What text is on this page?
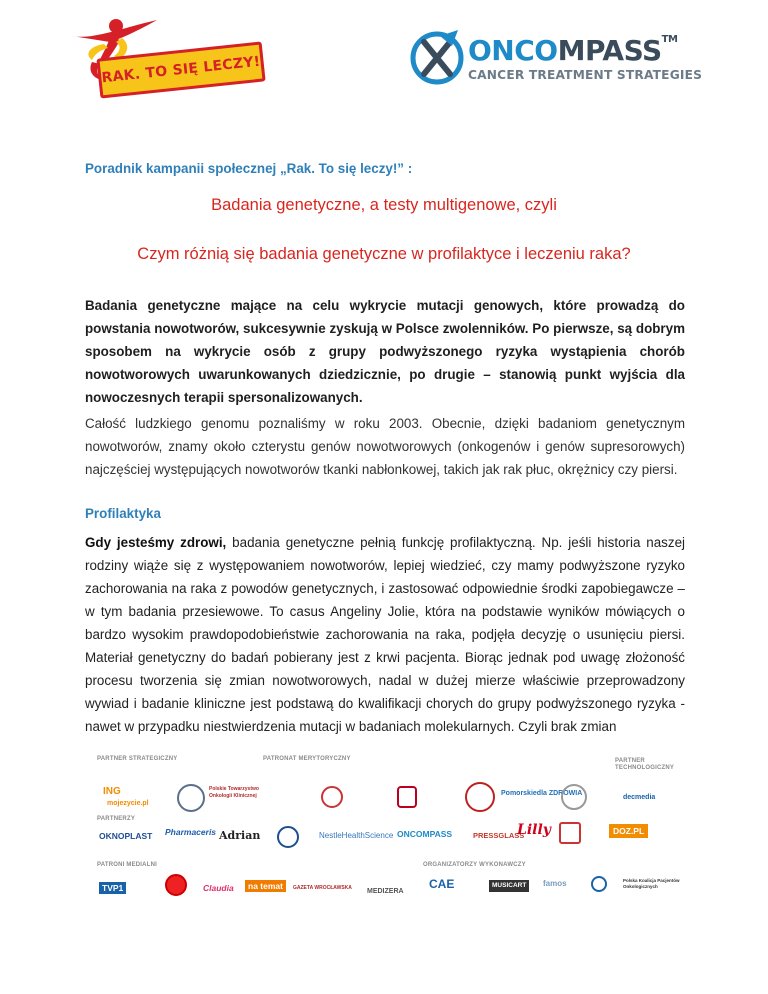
RAK. TO SIĘ LECZY!
ONCOMPASS™
CANCER TREATMENT STRATEGIES
Poradnik kampanii społecznej „Rak. To się leczy!” :
Badania genetyczne, a testy multigenowe, czyli
Czym różnią się badania genetyczne w profilaktyce i leczeniu raka?
Badania genetyczne mające na celu wykrycie mutacji genowych, które prowadzą do powstania nowotworów, sukcesywnie zyskują w Polsce zwolenników. Po pierwsze, są dobrym sposobem na wykrycie osób z grupy podwyższonego ryzyka wystąpienia chorób nowotworowych uwarunkowanych dziedzicznie, po drugie – stanowią punkt wyjścia dla nowoczesnych terapii spersonalizowanych.
Całość ludzkiego genomu poznaliśmy w roku 2003. Obecnie, dzięki badaniom genetycznym nowotworów, znamy około czterystu genów nowotworowych (onkogenów i genów supresorowych) najczęściej występujących nowotworów tkanki nabłonkowej, takich jak rak płuc, okrężnicy czy piersi.
Profilaktyka
Gdy jesteśmy zdrowi, badania genetyczne pełnią funkcję profilaktyczną. Np. jeśli historia naszej rodziny wiąże się z występowaniem nowotworów, lepiej wiedzieć, czy mamy podwyższone ryzyko zachorowania na raka z powodów genetycznych, i zastosować odpowiednie środki zapobiegawcze – w tym badania przesiewowe. To casus Angeliny Jolie, która na podstawie wyników mówiących o bardzo wysokim prawdopodobieństwie zachorowania na raka, podjęła decyzję o usunięciu piersi. Materiał genetyczny do badań pobierany jest z krwi pacjenta. Biorąc jednak pod uwagę złożoność procesu tworzenia się zmian nowotworowych, nadal w dużej mierze właściwie przeprowadzony wywiad i badanie kliniczne jest podstawą do kwalifikacji chorych do grupy podwyższonego ryzyka - nawet w przypadku niestwierdzenia mutacji w badaniach molekularnych. Czyli brak zmian
PARTNER STRATEGICZNY	PATRONAT MERYTORYCZNY	PARTNER
TECHNOLOGICZNY
ING
mojezycie.pl
Polskie Towarzystwo Onkologii Klinicznej	Pomorskiedla ZDROWIA
decmedia
PARTNERZY
OKNOPLAST Pharmaceris Adrian	NestleHealthScience ONCOMPASS	PRESSGLASS
Lilly	DOZ.PL
PATRONI MEDIALNI	ORGANIZATORZY WYKONAWCZY
TVP1	Claudia	na temat	GAZETA WROCŁAWSKA MEDIZERA
CAE	MUSICART	famos	Polska Koalicja Pacjentów Onkologicznych
